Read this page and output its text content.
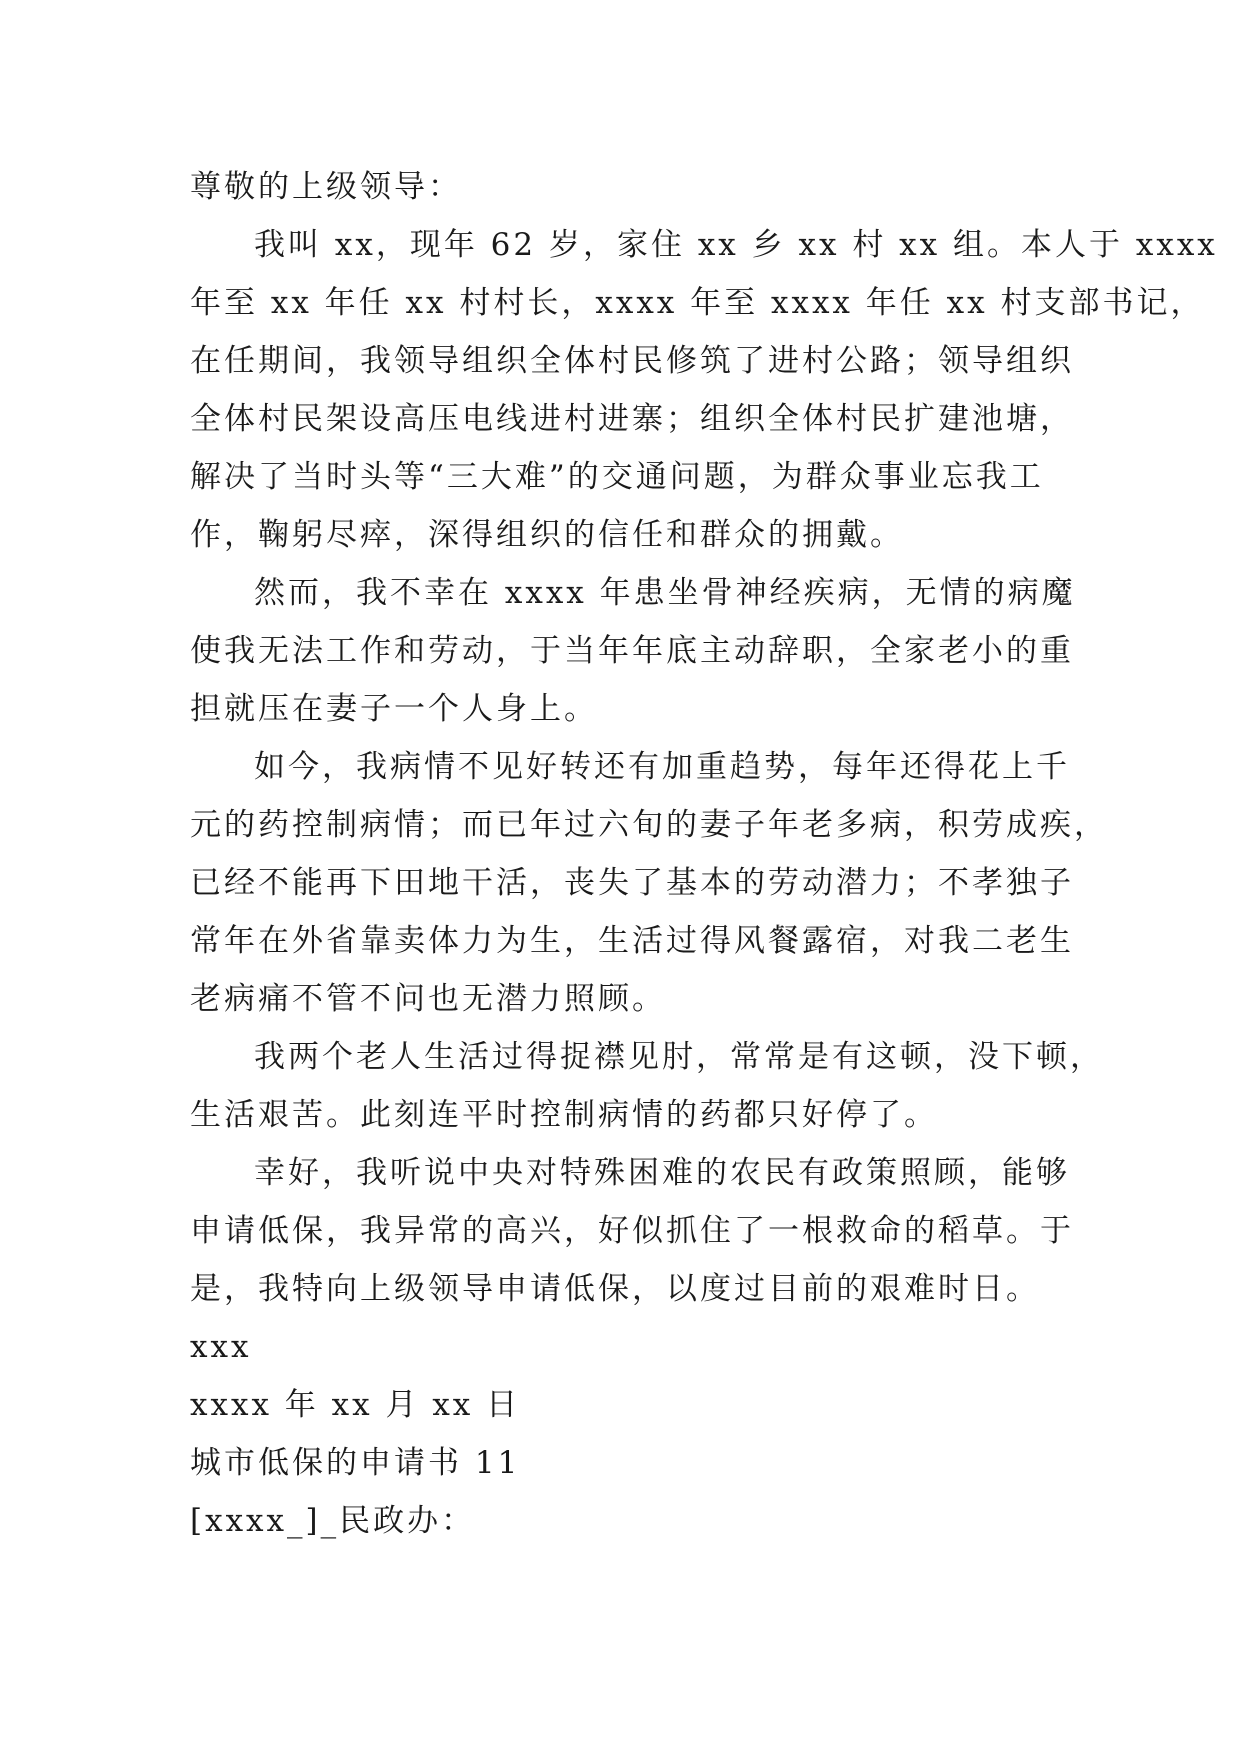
尊敬的上级领导：
我叫 xx，现年 62 岁，家住 xx 乡 xx 村 xx 组。本人于 xxxx
年至 xx 年任 xx 村村长，xxxx 年至 xxxx 年任 xx 村支部书记，
在任期间，我领导组织全体村民修筑了进村公路；领导组织
全体村民架设高压电线进村进寨；组织全体村民扩建池塘，
解决了当时头等“三大难”的交通问题，为群众事业忘我工
作，鞠躬尽瘁，深得组织的信任和群众的拥戴。
然而，我不幸在 xxxx 年患坐骨神经疾病，无情的病魔
使我无法工作和劳动，于当年年底主动辞职，全家老小的重
担就压在妻子一个人身上。
如今，我病情不见好转还有加重趋势，每年还得花上千
元的药控制病情；而已年过六旬的妻子年老多病，积劳成疾，
已经不能再下田地干活，丧失了基本的劳动潜力；不孝独子
常年在外省靠卖体力为生，生活过得风餐露宿，对我二老生
老病痛不管不问也无潜力照顾。
我两个老人生活过得捉襟见肘，常常是有这顿，没下顿，
生活艰苦。此刻连平时控制病情的药都只好停了。
幸好，我听说中央对特殊困难的农民有政策照顾，能够
申请低保，我异常的高兴，好似抓住了一根救命的稻草。于
是，我特向上级领导申请低保，以度过目前的艰难时日。
xxx
xxxx 年 xx 月 xx 日
城市低保的申请书 11
[xxxx_]_民政办：
